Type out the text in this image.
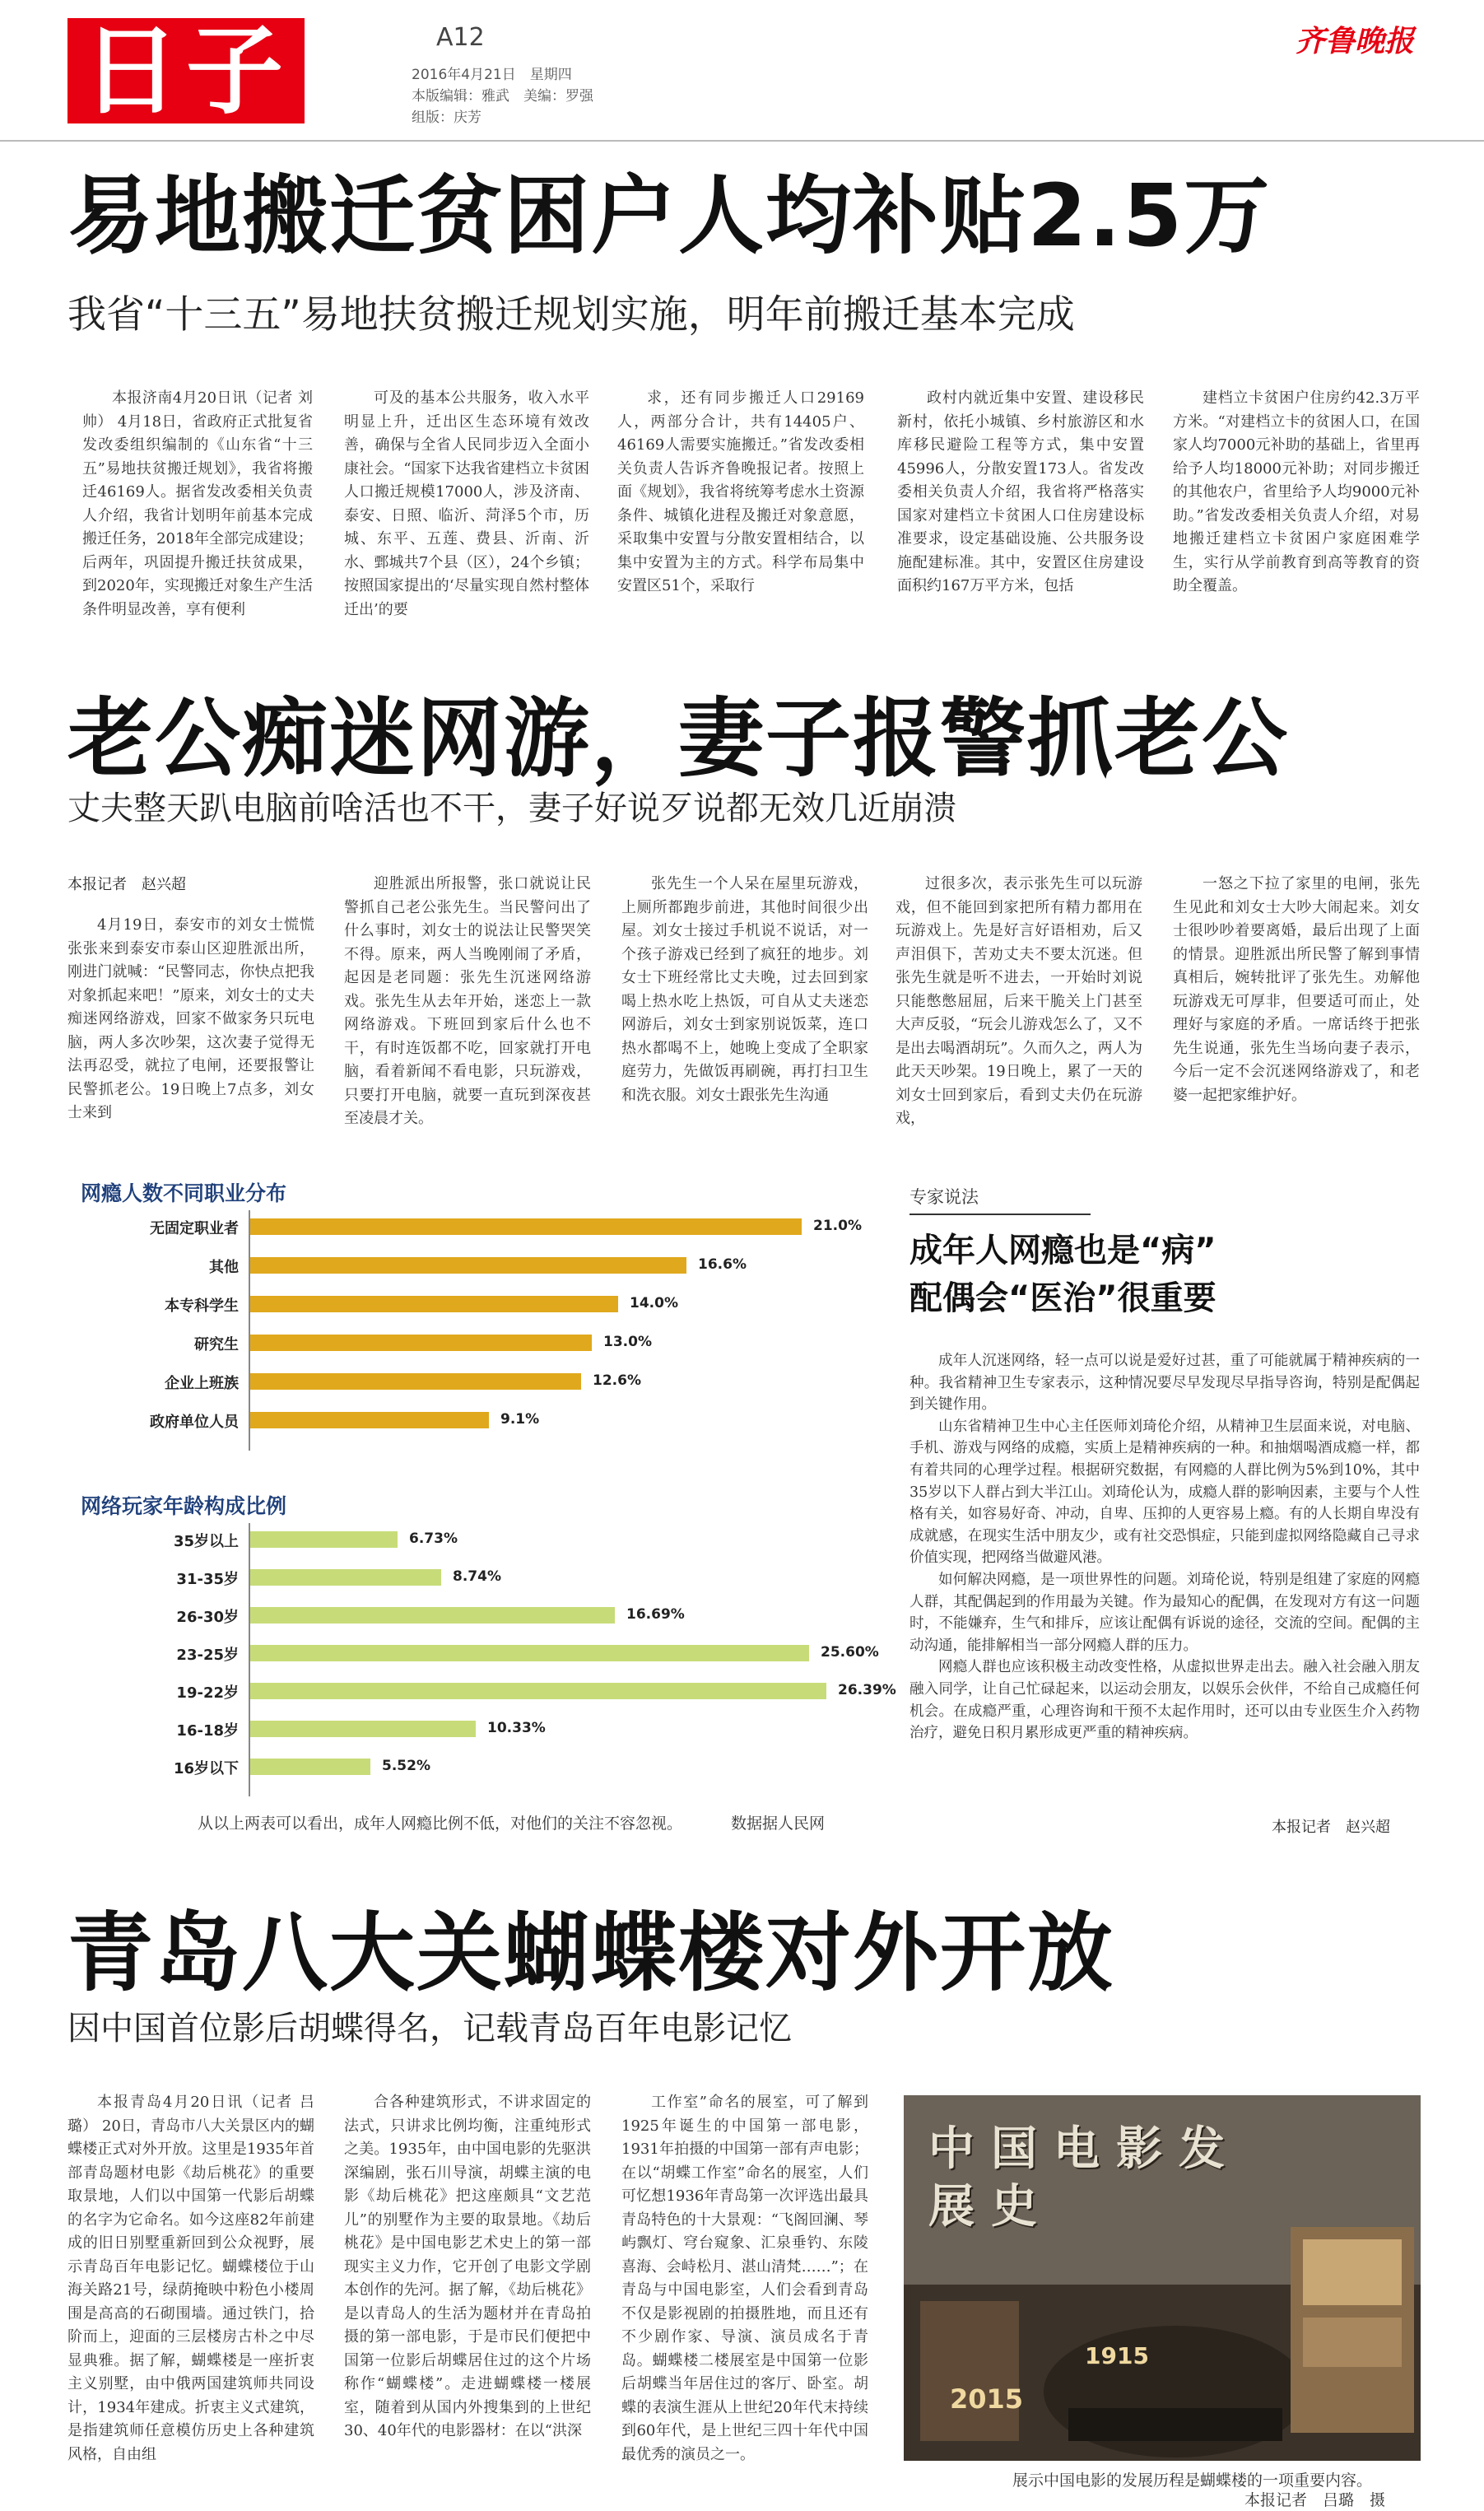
日子	A12
2016年4月21日　星期四
本版编辑：雅武　美编：罗强
组版：庆芳
齐鲁晚报
易地搬迁贫困户人均补贴2.5万
我省“十三五”易地扶贫搬迁规划实施，明年前搬迁基本完成
本报济南4月20日讯（记者 刘帅） 4月18日，省政府正式批复省发改委组织编制的《山东省“十三五”易地扶贫搬迁规划》，我省将搬迁46169人。据省发改委相关负责人介绍，我省计划明年前基本完成搬迁任务，2018年全部完成建设；后两年，巩固提升搬迁扶贫成果，到2020年，实现搬迁对象生产生活条件明显改善，享有便利
可及的基本公共服务，收入水平明显上升，迁出区生态环境有效改善，确保与全省人民同步迈入全面小康社会。“国家下达我省建档立卡贫困人口搬迁规模17000人，涉及济南、泰安、日照、临沂、菏泽5个市，历城、东平、五莲、费县、沂南、沂水、鄄城共7个县（区），24个乡镇；按照国家提出的‘尽量实现自然村整体迁出’的要
求，还有同步搬迁人口29169人，两部分合计，共有14405户、46169人需要实施搬迁。”省发改委相关负责人告诉齐鲁晚报记者。按照上面《规划》，我省将统筹考虑水土资源条件、城镇化进程及搬迁对象意愿，采取集中安置与分散安置相结合，以集中安置为主的方式。科学布局集中安置区51个，采取行
政村内就近集中安置、建设移民新村，依托小城镇、乡村旅游区和水库移民避险工程等方式，集中安置45996人，分散安置173人。省发改委相关负责人介绍，我省将严格落实国家对建档立卡贫困人口住房建设标准要求，设定基础设施、公共服务设施配建标准。其中，安置区住房建设面积约167万平方米，包括
建档立卡贫困户住房约42.3万平方米。“对建档立卡的贫困人口，在国家人均7000元补助的基础上，省里再给予人均18000元补助；对同步搬迁的其他农户，省里给予人均9000元补助。”省发改委相关负责人介绍，对易地搬迁建档立卡贫困户家庭困难学生，实行从学前教育到高等教育的资助全覆盖。
老公痴迷网游，妻子报警抓老公
丈夫整天趴电脑前啥活也不干，妻子好说歹说都无效几近崩溃
本报记者　赵兴超
4月19日，泰安市的刘女士慌慌张张来到泰安市泰山区迎胜派出所，刚进门就喊：“民警同志，你快点把我对象抓起来吧！”原来，刘女士的丈夫痴迷网络游戏，回家不做家务只玩电脑，两人多次吵架，这次妻子觉得无法再忍受，就拉了电闸，还要报警让民警抓老公。19日晚上7点多，刘女士来到
迎胜派出所报警，张口就说让民警抓自己老公张先生。当民警问出了什么事时，刘女士的说法让民警哭笑不得。原来，两人当晚刚闹了矛盾，起因是老同题：张先生沉迷网络游戏。张先生从去年开始，迷恋上一款网络游戏。下班回到家后什么也不干，有时连饭都不吃，回家就打开电脑，看着新闻不看电影，只玩游戏，只要打开电脑，就要一直玩到深夜甚至凌晨才关。
张先生一个人呆在屋里玩游戏，上厕所都跑步前进，其他时间很少出屋。刘女士接过手机说不说话，对一个孩子游戏已经到了疯狂的地步。刘女士下班经常比丈夫晚，过去回到家喝上热水吃上热饭，可自从丈夫迷恋网游后，刘女士到家别说饭菜，连口热水都喝不上，她晚上变成了全职家庭劳力，先做饭再刷碗，再打扫卫生和洗衣服。刘女士跟张先生沟通
过很多次，表示张先生可以玩游戏，但不能回到家把所有精力都用在玩游戏上。先是好言好语相劝，后又声泪俱下，苦劝丈夫不要太沉迷。但张先生就是听不进去，一开始时刘说只能憋憋屈屈，后来干脆关上门甚至大声反驳，“玩会儿游戏怎么了，又不是出去喝酒胡玩”。久而久之，两人为此天天吵架。19日晚上，累了一天的刘女士回到家后，看到丈夫仍在玩游戏，
一怒之下拉了家里的电闸，张先生见此和刘女士大吵大闹起来。刘女士很吵吵着要离婚，最后出现了上面的情景。迎胜派出所民警了解到事情真相后，婉转批评了张先生。劝解他玩游戏无可厚非，但要适可而止，处理好与家庭的矛盾。一席话终于把张先生说通，张先生当场向妻子表示，今后一定不会沉迷网络游戏了，和老婆一起把家维护好。
网瘾人数不同职业分布
网络玩家年龄构成比例
无固定职业者	21.0%
其他	16.6%
本专科学生	14.0%
研究生	13.0%
企业上班族	12.6%
政府单位人员	9.1%
35岁以上	6.73%
31-35岁	8.74%
26-30岁	16.69%
23-25岁	25.60%
19-22岁	26.39%
16-18岁	10.33%
16岁以下	5.52%
从以上两表可以看出，成年人网瘾比例不低，对他们的关注不容忽视。	数据据人民网
专家说法
成年人网瘾也是“病”
配偶会“医治”很重要
成年人沉迷网络，轻一点可以说是爱好过甚，重了可能就属于精神疾病的一种。我省精神卫生专家表示，这种情况要尽早发现尽早指导咨询，特别是配偶起到关键作用。
山东省精神卫生中心主任医师刘琦伦介绍，从精神卫生层面来说，对电脑、手机、游戏与网络的成瘾，实质上是精神疾病的一种。和抽烟喝酒成瘾一样，都有着共同的心理学过程。根据研究数据，有网瘾的人群比例为5%到10%，其中35岁以下人群占到大半江山。刘琦伦认为，成瘾人群的影响因素，主要与个人性格有关，如容易好奇、冲动，自卑、压抑的人更容易上瘾。有的人长期自卑没有成就感，在现实生活中朋友少，或有社交恐惧症，只能到虚拟网络隐藏自己寻求价值实现，把网络当做避风港。
如何解决网瘾，是一项世界性的问题。刘琦伦说，特别是组建了家庭的网瘾人群，其配偶起到的作用最为关键。作为最知心的配偶，在发现对方有这一问题时，不能嫌弃，生气和排斥，应该让配偶有诉说的途径，交流的空间。配偶的主动沟通，能排解相当一部分网瘾人群的压力。
网瘾人群也应该积极主动改变性格，从虚拟世界走出去。融入社会融入朋友融入同学，让自己忙碌起来，以运动会朋友，以娱乐会伙伴，不给自己成瘾任何机会。在成瘾严重，心理咨询和干预不太起作用时，还可以由专业医生介入药物治疗，避免日积月累形成更严重的精神疾病。
本报记者　赵兴超
青岛八大关蝴蝶楼对外开放
因中国首位影后胡蝶得名，记载青岛百年电影记忆
本报青岛4月20日讯（记者 吕璐） 20日，青岛市八大关景区内的蝴蝶楼正式对外开放。这里是1935年首部青岛题材电影《劫后桃花》的重要取景地，人们以中国第一代影后胡蝶的名字为它命名。如今这座82年前建成的旧日别墅重新回到公众视野，展示青岛百年电影记忆。蝴蝶楼位于山海关路21号，绿荫掩映中粉色小楼周围是高高的石砌围墙。通过铁门，拾阶而上，迎面的三层楼房古朴之中尽显典雅。据了解，蝴蝶楼是一座折衷主义别墅，由中俄两国建筑师共同设计，1934年建成。折衷主义式建筑，是指建筑师任意模仿历史上各种建筑风格，自由组
合各种建筑形式，不讲求固定的法式，只讲求比例均衡，注重纯形式之美。1935年，由中国电影的先驱洪深编剧，张石川导演，胡蝶主演的电影《劫后桃花》把这座颇具“文艺范儿”的别墅作为主要的取景地。《劫后桃花》是中国电影艺术史上的第一部现实主义力作，它开创了电影文学剧本创作的先河。据了解，《劫后桃花》是以青岛人的生活为题材并在青岛拍摄的第一部电影，于是市民们便把中国第一位影后胡蝶居住过的这个片场称作“蝴蝶楼”。走进蝴蝶楼一楼展室，随着到从国内外搜集到的上世纪30、40年代的电影器材：在以“洪深
工作室”命名的展室，可了解到1925年诞生的中国第一部电影，1931年拍摄的中国第一部有声电影；在以“胡蝶工作室”命名的展室，人们可忆想1936年青岛第一次评选出最具青岛特色的十大景观：“飞阁回澜、琴屿飘灯、穹台窥象、汇泉垂钓、东陵喜海、会峙松月、湛山清梵……”；在青岛与中国电影室，人们会看到青岛不仅是影视剧的拍摄胜地，而且还有不少剧作家、导演、演员成名于青岛。蝴蝶楼二楼展室是中国第一位影后胡蝶当年居住过的客厅、卧室。胡蝶的表演生涯从上世纪20年代末持续到60年代，是上世纪三四十年代中国最优秀的演员之一。
中国电影发展史
1915
2015
展示中国电影的发展历程是蝴蝶楼的一项重要内容。
本报记者　吕璐　摄
